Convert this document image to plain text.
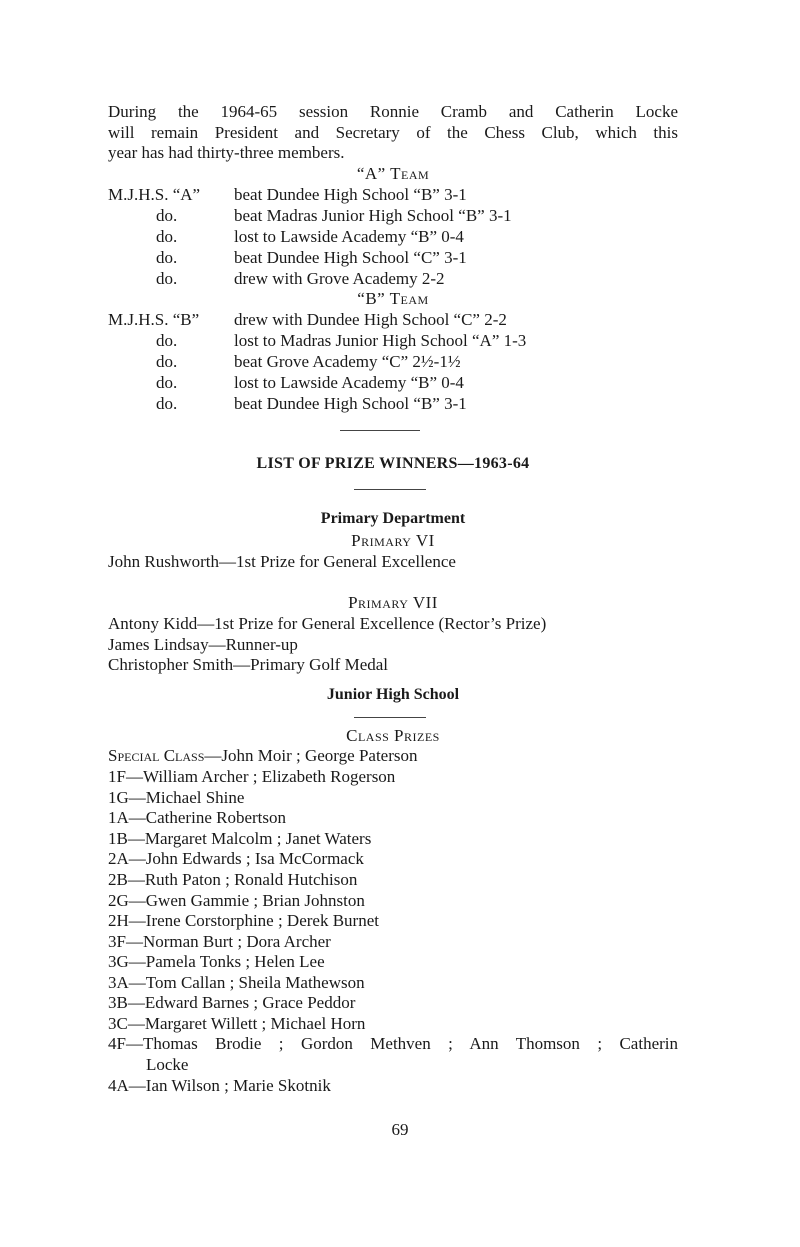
During the 1964-65 session Ronnie Cramb and Catherin Locke
will remain President and Secretary of the Chess Club, which this
year has had thirty-three members.
“A” Team
M.J.H.S. “A” beat Dundee High School “B” 3-1
do.	beat Madras Junior High School “B” 3-1
do.	lost to Lawside Academy “B” 0-4
do.	beat Dundee High School “C” 3-1
do.	drew with Grove Academy 2-2
“B” Team
M.J.H.S. “B” drew with Dundee High School “C” 2-2
do.	lost to Madras Junior High School “A” 1-3
do.	beat Grove Academy “C” 2½-1½
do.	lost to Lawside Academy “B” 0-4
do.	beat Dundee High School “B” 3-1
LIST OF PRIZE WINNERS—1963-64
Primary Department
Primary VI
John Rushworth—1st Prize for General Excellence
Primary VII
Antony Kidd—1st Prize for General Excellence (Rector’s Prize)
James Lindsay—Runner-up
Christopher Smith—Primary Golf Medal
Junior High School
Class Prizes
Special Class—John Moir ; George Paterson
1F—William Archer ; Elizabeth Rogerson
1G—Michael Shine
1A—Catherine Robertson
1B—Margaret Malcolm ; Janet Waters
2A—John Edwards ; Isa McCormack
2B—Ruth Paton ; Ronald Hutchison
2G—Gwen Gammie ; Brian Johnston
2H—Irene Corstorphine ; Derek Burnet
3F—Norman Burt ; Dora Archer
3G—Pamela Tonks ; Helen Lee
3A—Tom Callan ; Sheila Mathewson
3B—Edward Barnes ; Grace Peddor
3C—Margaret Willett ; Michael Horn
4F—Thomas Brodie ; Gordon Methven ; Ann Thomson ; Catherin
Locke
4A—Ian Wilson ; Marie Skotnik
69
